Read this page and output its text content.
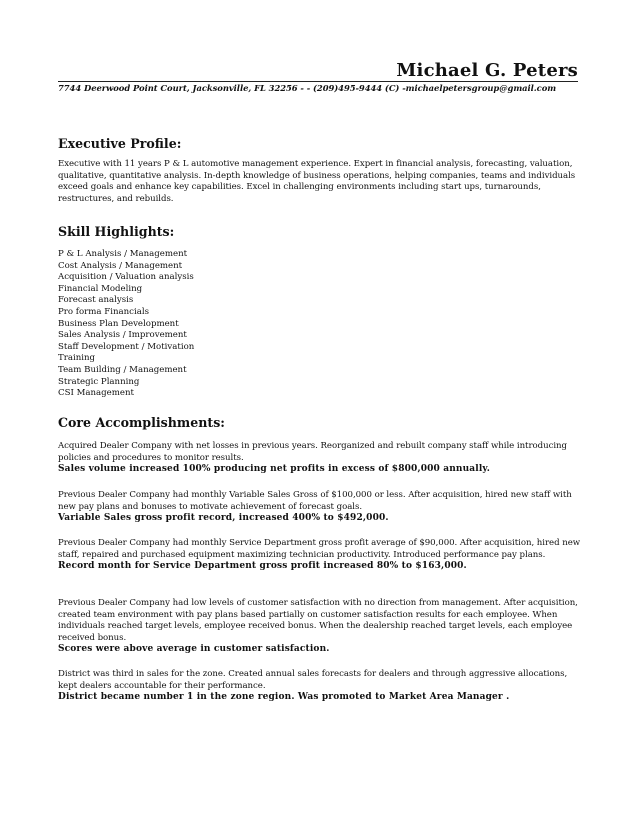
Michael G. Peters
7744 Deerwood Point Court, Jacksonville, FL 32256 - - (209)495-9444 (C) -michaelpetersgroup@gmail.com
Executive Profile:
Executive with 11 years P & L automotive management experience. Expert in financial analysis, forecasting, valuation, qualitative, quantitative analysis. In-depth knowledge of business operations, helping companies, teams and individuals exceed goals and enhance key capabilities. Excel in challenging environments including start ups, turnarounds, restructures, and rebuilds.
Skill Highlights:
P & L Analysis / Management
Cost Analysis / Management
Acquisition / Valuation analysis
Financial Modeling
Forecast analysis
Pro forma Financials
Business Plan Development
Sales Analysis / Improvement
Staff Development / Motivation
Training
Team Building / Management
Strategic Planning
CSI Management
Core Accomplishments:
Acquired Dealer Company with net losses in previous years. Reorganized and rebuilt company staff while introducing policies and procedures to monitor results.
Sales volume increased 100% producing net profits in excess of $800,000 annually.
Previous Dealer Company had monthly Variable Sales Gross of $100,000 or less. After acquisition, hired new staff with new pay plans and bonuses to motivate achievement of forecast goals.
Variable Sales gross profit record, increased 400% to $492,000.
Previous Dealer Company had monthly Service Department gross profit average of $90,000. After acquisition, hired new staff, repaired and purchased equipment maximizing technician productivity. Introduced performance pay plans.
Record month for Service Department gross profit increased 80% to $163,000.
Previous Dealer Company had low levels of customer satisfaction with no direction from management. After acquisition, created team environment with pay plans based partially on customer satisfaction results for each employee. When individuals reached target levels, employee received bonus. When the dealership reached target levels, each employee received bonus.
Scores were above average in customer satisfaction.
District was third in sales for the zone. Created annual sales forecasts for dealers and through aggressive allocations, kept dealers accountable for their performance.
District became number 1 in the zone region. Was promoted to Market Area Manager .
